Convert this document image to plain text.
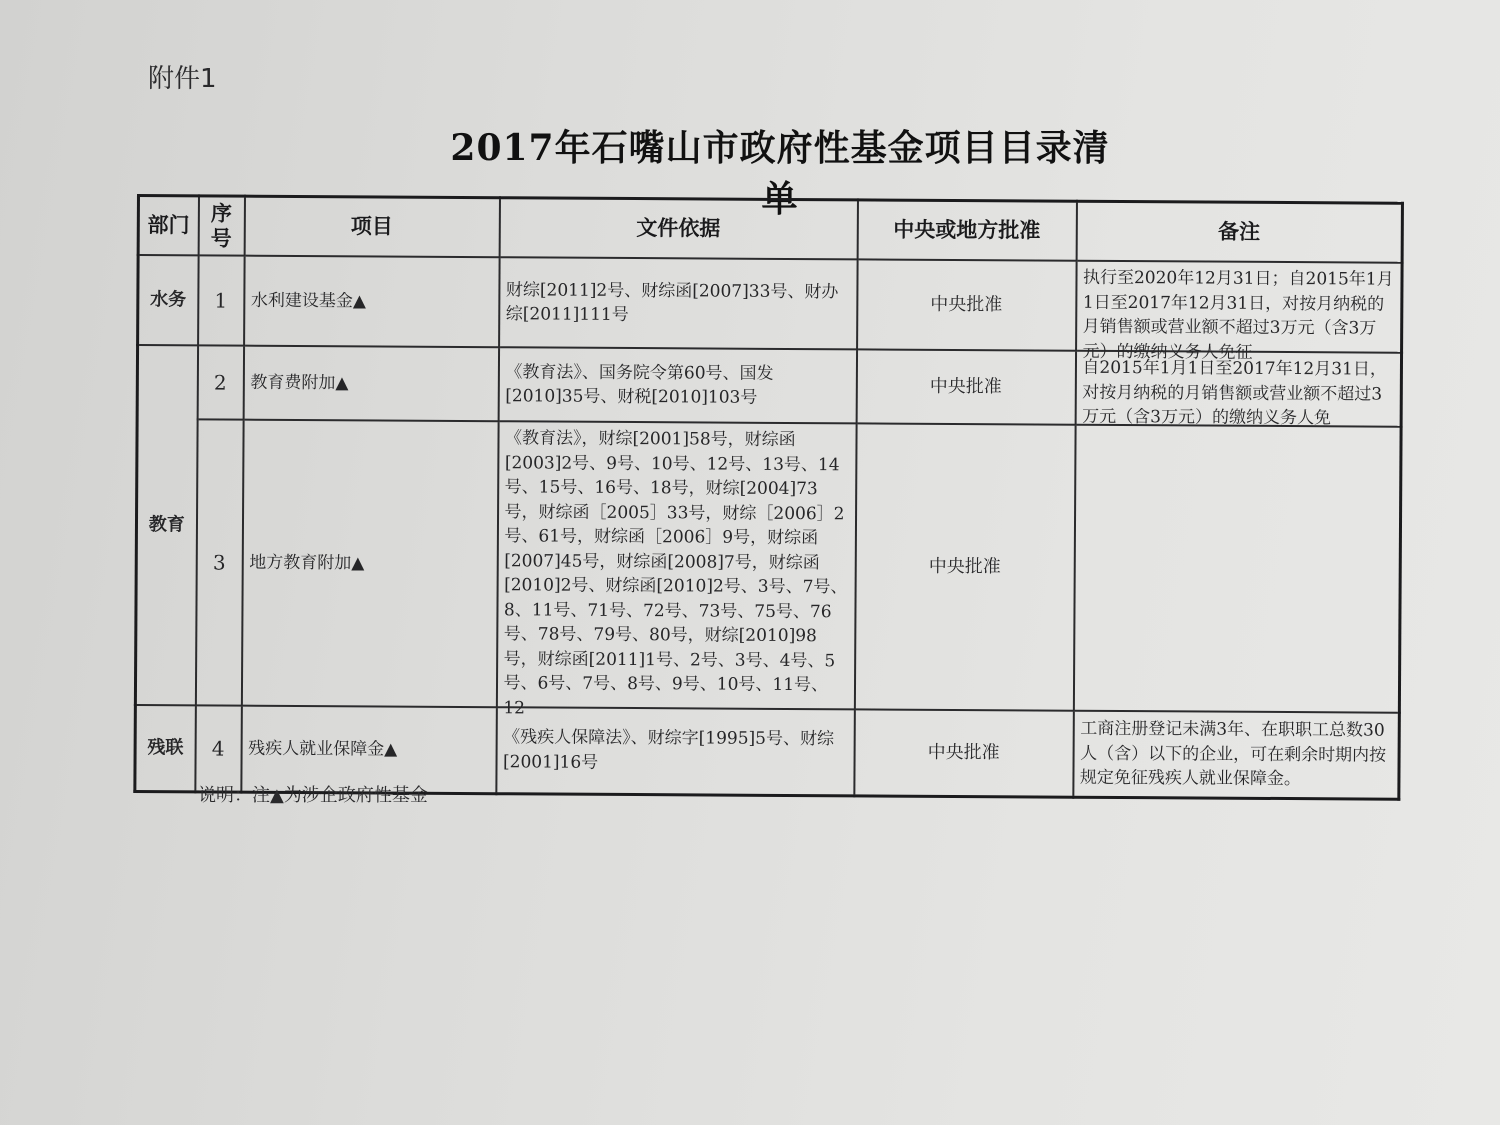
附件1
2017年石嘴山市政府性基金项目目录清单
部门	序号	项目	文件依据	中央或地方批准	备注
水务	1	水利建设基金▲	财综[2011]2号、财综函[2007]33号、财办综[2011]111号	中央批准	执行至2020年12月31日；自2015年1月1日至2017年12月31日，对按月纳税的月销售额或营业额不超过3万元（含3万元）的缴纳义务人免征

教育	2	教育费附加▲	《教育法》、国务院令第60号、国发[2010]35号、财税[2010]103号	中央批准	自2015年1月1日至2017年12月31日，对按月纳税的月销售额或营业额不超过3万元（含3万元）的缴纳义务人免

	3	地方教育附加▲	《教育法》，财综[2001]58号，财综函[2003]2号、9号、10号、12号、13号、14号、15号、16号、18号，财综[2004]73号，财综函［2005］33号，财综［2006］2号、61号，财综函［2006］9号，财综函[2007]45号，财综函[2008]7号，财综函[2010]2号、财综函[2010]2号、3号、7号、8、11号、71号、72号、73号、75号、76号、78号、79号、80号，财综[2010]98号，财综函[2011]1号、2号、3号、4号、5号、6号、7号、8号、9号、10号、11号、12	中央批准	
残联	4	残疾人就业保障金▲	《残疾人保障法》、财综字[1995]5号、财综[2001]16号	中央批准	工商注册登记未满3年、在职职工总数30人（含）以下的企业，可在剩余时期内按规定免征残疾人就业保障金。
说明：注▲为涉企政府性基金
